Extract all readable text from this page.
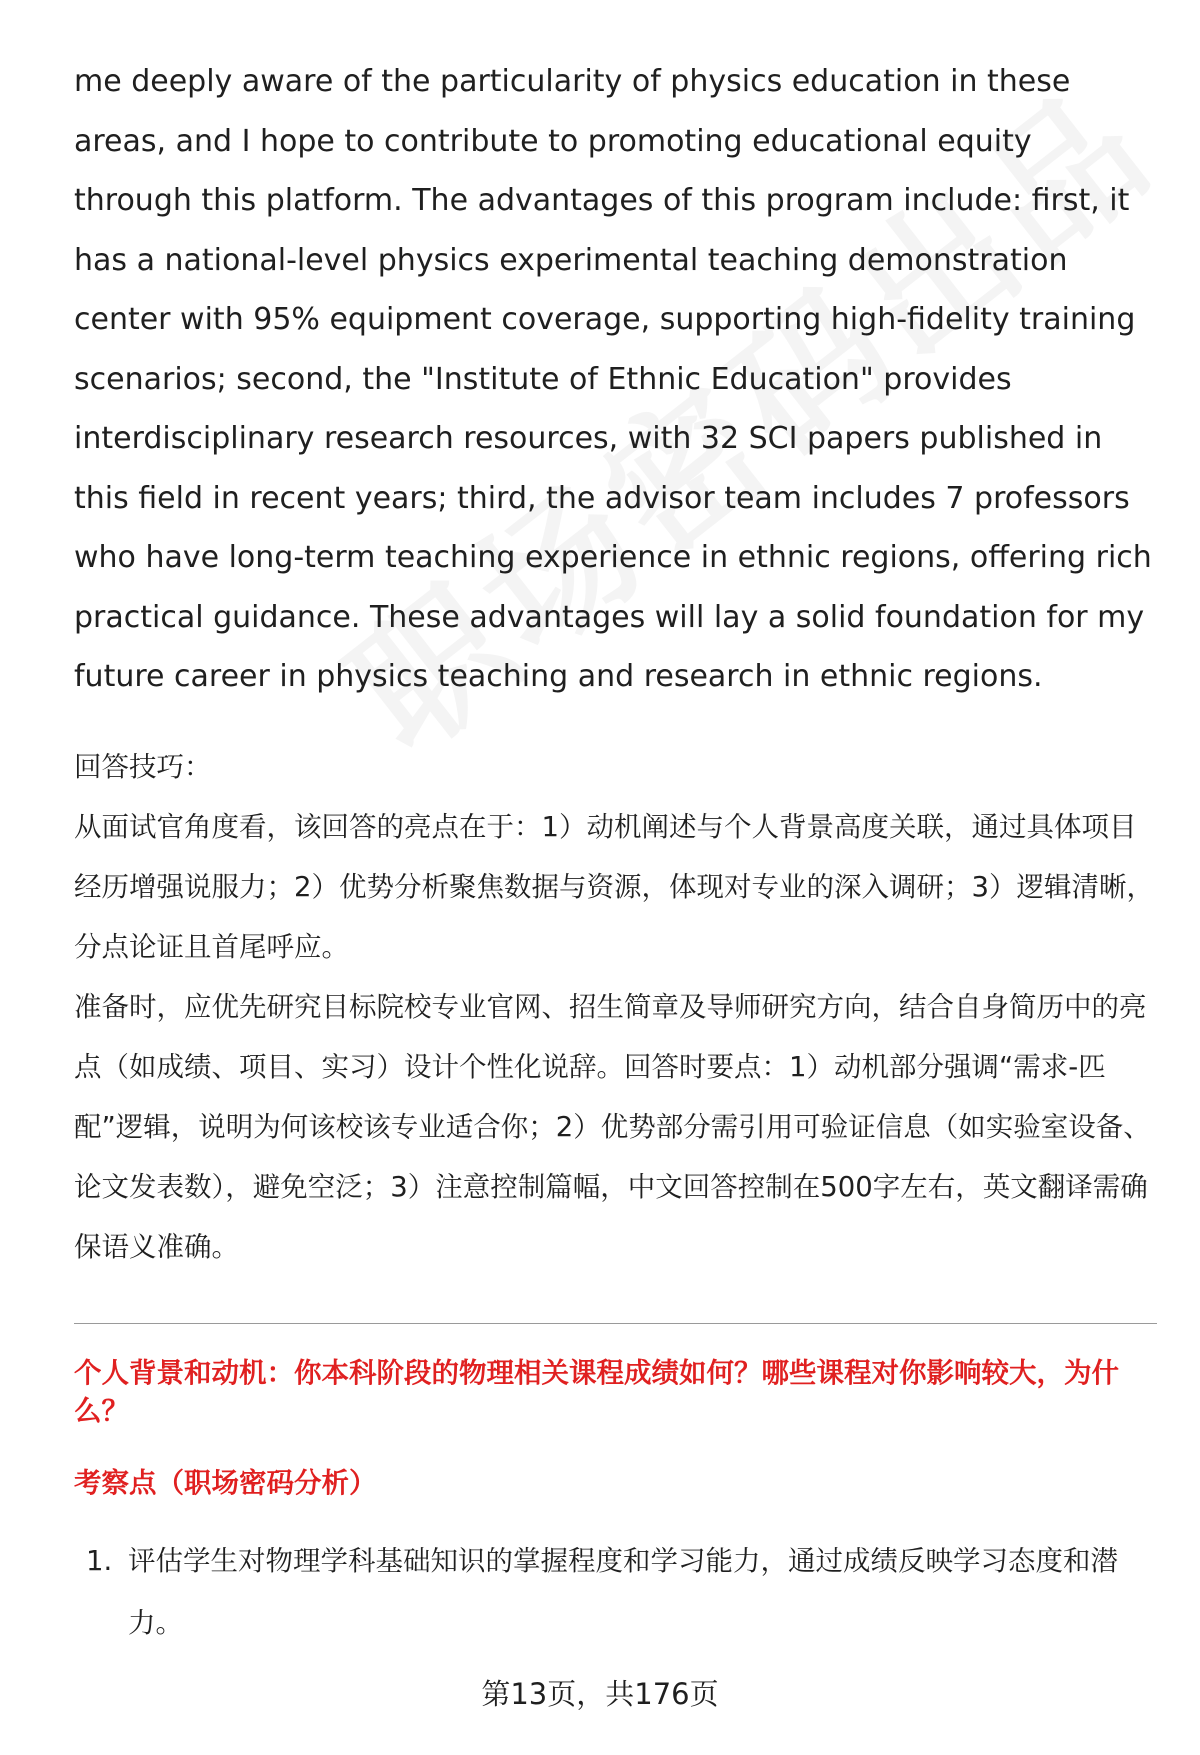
me deeply aware of the particularity of physics education in these areas, and I hope to contribute to promoting educational equity through this platform. The advantages of this program include: first, it has a national-level physics experimental teaching demonstration center with 95% equipment coverage, supporting high-fidelity training scenarios; second, the "Institute of Ethnic Education" provides interdisciplinary research resources, with 32 SCI papers published in this field in recent years; third, the advisor team includes 7 professors who have long-term teaching experience in ethnic regions, offering rich practical guidance. These advantages will lay a solid foundation for my future career in physics teaching and research in ethnic regions.

回答技巧：

从面试官角度看，该回答的亮点在于：1）动机阐述与个人背景高度关联，通过具体项目经历增强说服力；2）优势分析聚焦数据与资源，体现对专业的深入调研；3）逻辑清晰，分点论证且首尾呼应。

准备时，应优先研究目标院校专业官网、招生简章及导师研究方向，结合自身简历中的亮点（如成绩、项目、实习）设计个性化说辞。回答时要点：1）动机部分强调“需求-匹配”逻辑，说明为何该校该专业适合你；2）优势部分需引用可验证信息（如实验室设备、论文发表数），避免空泛；3）注意控制篇幅，中文回答控制在500字左右，英文翻译需确保语义准确。

个人背景和动机：你本科阶段的物理相关课程成绩如何？哪些课程对你影响较大，为什么？
考察点（职场密码分析）
1. 评估学生对物理学科基础知识的掌握程度和学习能力，通过成绩反映学习态度和潜力。
第13页，共176页
